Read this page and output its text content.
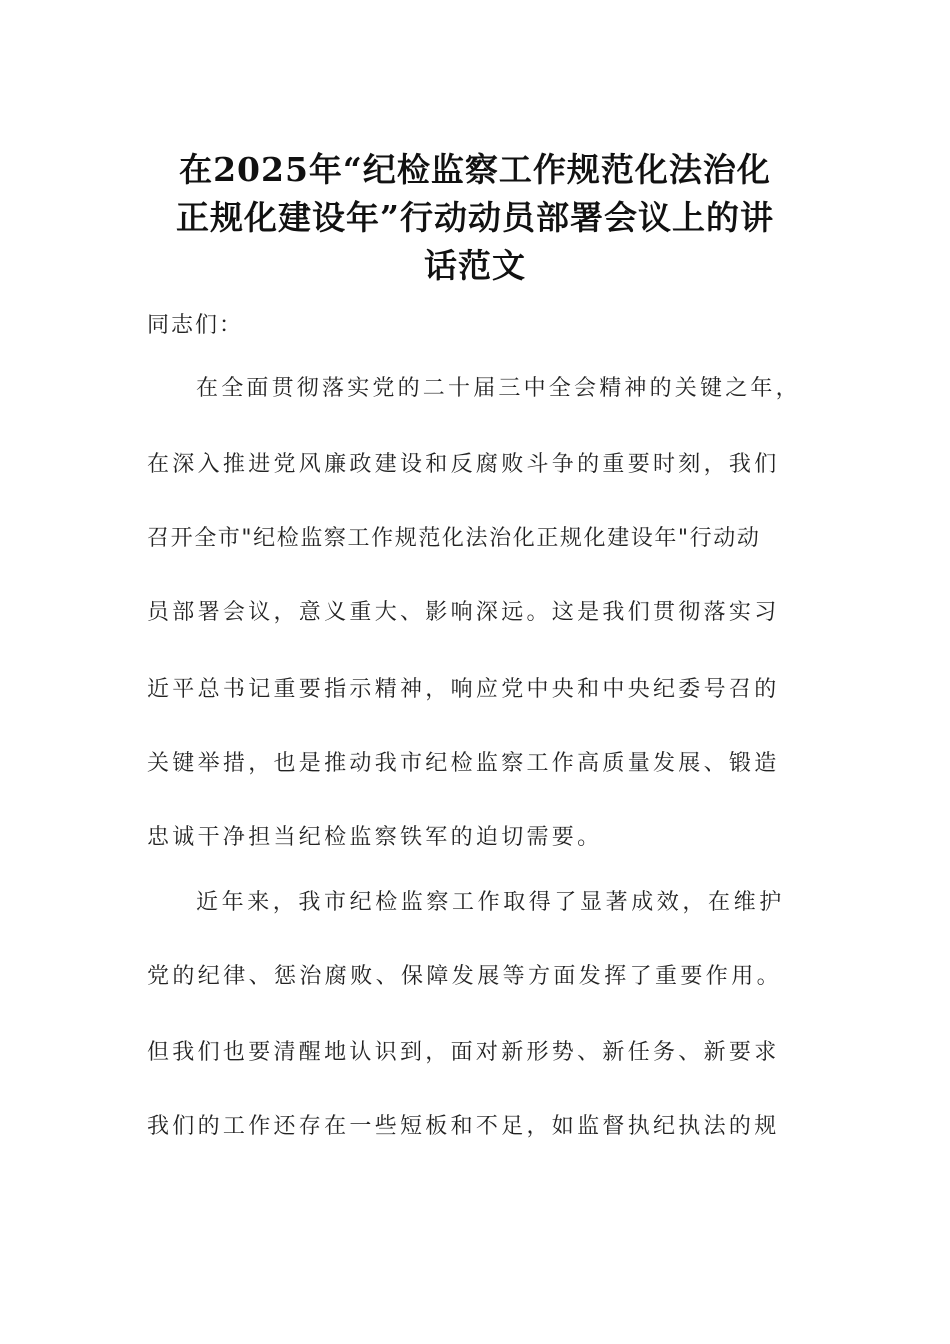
在2025年“纪检监察工作规范化法治化
正规化建设年”行动动员部署会议上的讲
话范文
同志们：
在全面贯彻落实党的二十届三中全会精神的关键之年，
在深入推进党风廉政建设和反腐败斗争的重要时刻，我们
召开全市"纪检监察工作规范化法治化正规化建设年"行动动
员部署会议，意义重大、影响深远。这是我们贯彻落实习
近平总书记重要指示精神，响应党中央和中央纪委号召的
关键举措，也是推动我市纪检监察工作高质量发展、锻造
忠诚干净担当纪检监察铁军的迫切需要。
近年来，我市纪检监察工作取得了显著成效，在维护
党的纪律、惩治腐败、保障发展等方面发挥了重要作用。
但我们也要清醒地认识到，面对新形势、新任务、新要求
我们的工作还存在一些短板和不足，如监督执纪执法的规
